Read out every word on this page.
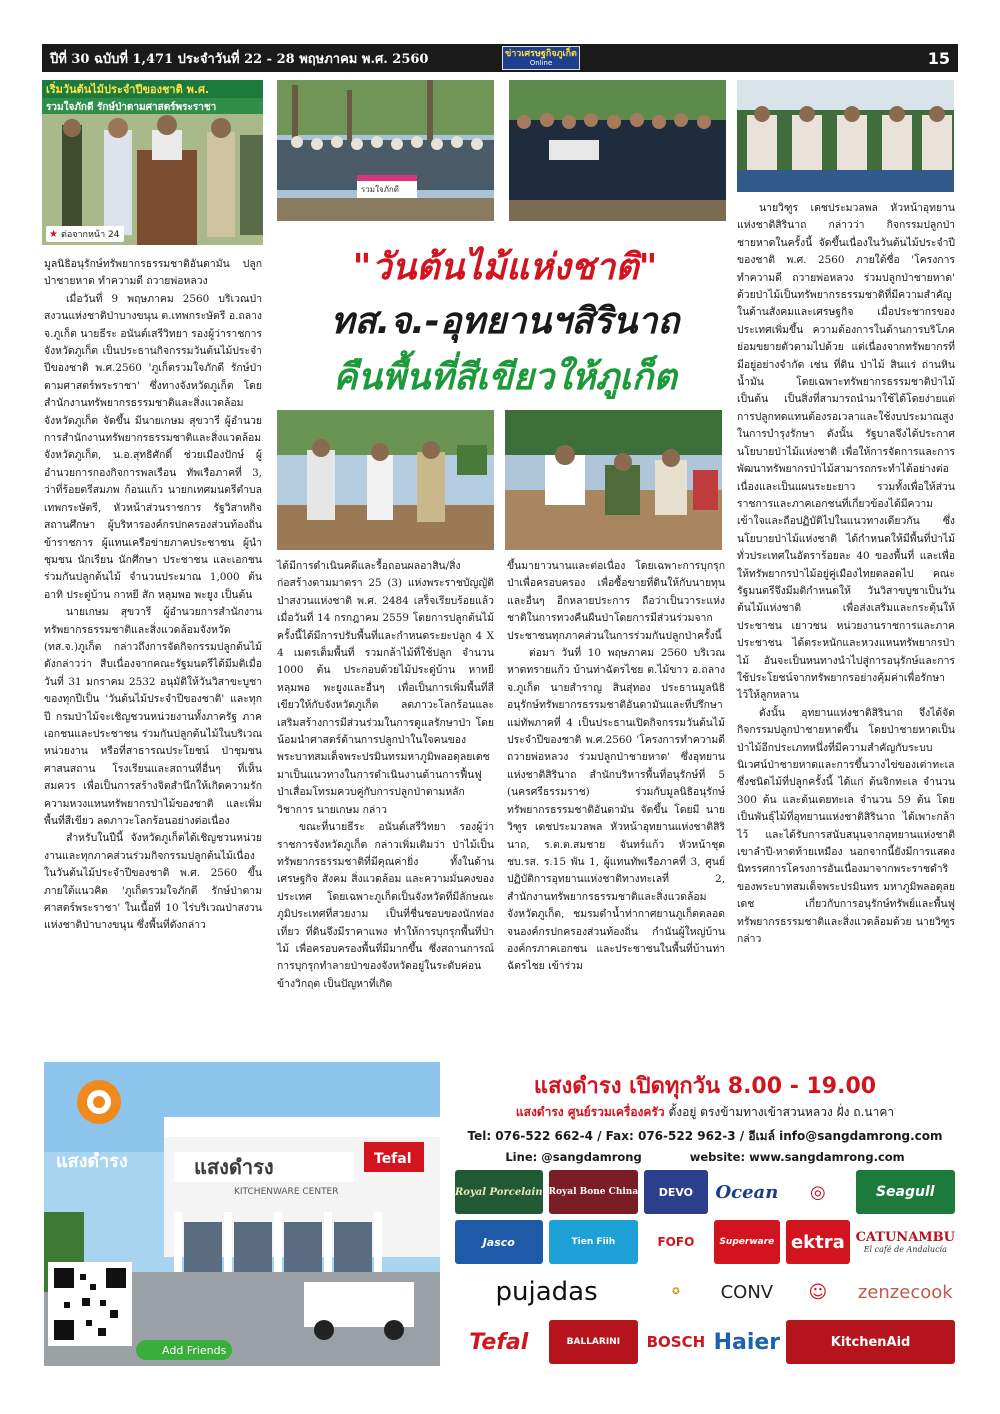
ปีที่ 30 ฉบับที่ 1,471 ประจำวันที่ 22 - 28 พฤษภาคม พ.ศ. 2560	ข่าวเศรษฐกิจภูเก็ต
Online	15
เริ่มวันต้นไม้ประจำปีของชาติ พ.ศ.
รวมใจภักดี รักษ์ป่าตามศาสตร์พระราชา
★ ต่อจากหน้า 24
รวมใจภักดี
"วันต้นไม้แห่งชาติ"
ทส.จ.-อุทยานฯสิรินาถ
คืนพื้นที่สีเขียวให้ภูเก็ต

มูลนิธิอนุรักษ์ทรัพยากรธรรมชาติอันดามัน ปลูกป่าชายหาด ทำความดี ถวายพ่อหลวง

เมื่อวันที่ 9 พฤษภาคม 2560 บริเวณป่าสงวนแห่งชาติป่าบางขนุน ต.เทพกระษัตรี อ.ถลาง จ.ภูเก็ต นายธีระ อนันต์เสรีวิทยา รองผู้ว่าราชการจังหวัดภูเก็ต เป็นประธานกิจกรรมวันต้นไม้ประจำปีของชาติ พ.ศ.2560 'ภูเก็ตรวมใจภักดี รักษ์ป่าตามศาสตร์พระราชา' ซึ่งทางจังหวัดภูเก็ต โดยสำนักงานทรัพยากรธรรมชาติและสิ่งแวดล้อมจังหวัดภูเก็ต จัดขึ้น มีนายเกษม สุขวารี ผู้อำนวยการสำนักงานทรัพยากรธรรมชาติและสิ่งแวดล้อมจังหวัดภูเก็ต, น.อ.สุทธิศักดิ์ ช่วยเมืองปักษ์ ผู้อำนวยการกองกิจการพลเรือน ทัพเรือภาคที่ 3, ว่าที่ร้อยตรีสมภพ ก้อนแก้ว นายกเทศมนตรีตำบลเทพกระษัตรี, หัวหน้าส่วนราชการ รัฐวิสาหกิจ สถานศึกษา ผู้บริหารองค์กรปกครองส่วนท้องถิ่น ข้าราชการ ผู้แทนเครือข่ายภาคประชาชน ผู้นำชุมชน นักเรียน นักศึกษา ประชาชน และเอกชน ร่วมกันปลูกต้นไม้ จำนวนประมาณ 1,000 ต้น อาทิ ประดู่บ้าน กาหยี สัก หลุมพอ พะยูง เป็นต้น

นายเกษม สุขวารี ผู้อำนวยการสำนักงานทรัพยากรธรรมชาติและสิ่งแวดล้อมจังหวัด (ทส.จ.)ภูเก็ต กล่าวถึงการจัดกิจกรรมปลูกต้นไม้ดังกล่าวว่า สืบเนื่องจากคณะรัฐมนตรีได้มีมติเมื่อวันที่ 31 มกราคม 2532 อนุมัติให้วันวิสาขะบูชาของทุกปีเป็น 'วันต้นไม้ประจำปีของชาติ' และทุกปี กรมป่าไม้จะเชิญชวนหน่วยงานทั้งภาครัฐ ภาคเอกชนและประชาชน ร่วมกันปลูกต้นไม้ในบริเวณหน่วยงาน หรือที่สาธารณประโยชน์ ป่าชุมชน ศาสนสถาน โรงเรียนและสถานที่อื่นๆ ที่เห็นสมควร เพื่อเป็นการสร้างจิตสำนึกให้เกิดความรักความหวงแหนทรัพยากรป่าไม้ของชาติ และเพิ่มพื้นที่สีเขียว ลดภาวะโลกร้อนอย่างต่อเนื่อง

สำหรับในปีนี้ จังหวัดภูเก็ตได้เชิญชวนหน่วยงานและทุกภาคส่วนร่วมกิจกรรมปลูกต้นไม้เนื่องในวันต้นไม้ประจำปีของชาติ พ.ศ. 2560 ขึ้น ภายใต้แนวคิด 'ภูเก็ตรวมใจภักดี รักษ์ป่าตามศาสตร์พระราชา' ในเนื้อที่ 10 ไร่บริเวณป่าสงวนแห่งชาติป่าบางขนุน ซึ่งพื้นที่ดังกล่าว

ได้มีการดำเนินคดีและรื้อถอนผลอาสิน/สิ่งก่อสร้างตามมาตรา 25 (3) แห่งพระราชบัญญัติป่าสงวนแห่งชาติ พ.ศ. 2484 เสร็จเรียบร้อยแล้วเมื่อวันที่ 14 กรกฎาคม 2559 โดยการปลูกต้นไม้ครั้งนี้ได้มีการปรับพื้นที่และกำหนดระยะปลูก 4 X 4 เมตรเต็มพื้นที่ รวมกล้าไม้ที่ใช้ปลูก จำนวน 1000 ต้น ประกอบด้วยไม้ประดู่บ้าน หาหยี หลุมพอ พะยูงและอื่นๆ เพื่อเป็นการเพิ่มพื้นที่สีเขียวให้กับจังหวัดภูเก็ต ลดภาวะโลกร้อนและเสริมสร้างการมีส่วนร่วมในการดูแลรักษาป่า โดยน้อมนำศาสตร์ด้านการปลูกป่าในใจคนของพระบาทสมเด็จพระปรมินทรมหาภูมิพลอดุลยเดชมาเป็นแนวทางในการดำเนินงานด้านการฟื้นฟูป่าเสื่อมโทรมควบคู่กับการปลูกป่าตามหลักวิชาการ นายเกษม กล่าว

ขณะที่นายธีระ อนันต์เสรีวิทยา รองผู้ว่าราชการจังหวัดภูเก็ต กล่าวเพิ่มเติมว่า ป่าไม้เป็นทรัพยากรธรรมชาติที่มีคุณค่ายิ่ง ทั้งในด้านเศรษฐกิจ สังคม สิ่งแวดล้อม และความมั่นคงของประเทศ โดยเฉพาะภูเก็ตเป็นจังหวัดที่มีลักษณะภูมิประเทศที่สวยงาม เป็นที่ชื่นชอบของนักท่องเที่ยว ที่ดินจึงมีราคาแพง ทำให้การบุกรุกพื้นที่ป่าไม้ เพื่อครอบครองพื้นที่มีมากขึ้น ซึ่งสถานการณ์การบุกรุกทำลายป่าของจังหวัดอยู่ในระดับค่อนข้างวิกฤต เป็นปัญหาที่เกิด

ขึ้นมายาวนานและต่อเนื่อง โดยเฉพาะการบุกรุกป่าเพื่อครอบครอง เพื่อซื้อขายที่ดินให้กับนายทุน และอื่นๆ อีกหลายประการ ถือว่าเป็นวาระแห่งชาติในการทวงคืนผืนป่าโดยการมีส่วนร่วมจากประชาชนทุกภาคส่วนในการร่วมกันปลูกป่าครั้งนี้

ต่อมา วันที่ 10 พฤษภาคม 2560 บริเวณหาดทรายแก้ว บ้านท่าฉัตรไชย ต.ไม้ขาว อ.ถลาง จ.ภูเก็ต นายสำราญ สินสุ่ทอง ประธานมูลนิธิอนุรักษ์ทรัพยากรธรรมชาติอันดามันและที่ปรึกษาแม่ทัพภาคที่ 4 เป็นประธานเปิดกิจกรรมวันต้นไม้ประจำปีของชาติ พ.ศ.2560 'โครงการทำความดี ถวายพ่อหลวง ร่วมปลูกป่าชายหาด' ซึ่งอุทยานแห่งชาติสิรินาถ สำนักบริหารพื้นที่อนุรักษ์ที่ 5 (นครศรีธรรมราช) ร่วมกับมูลนิธิอนุรักษ์ทรัพยากรธรรมชาติอันดามัน จัดขึ้น โดยมี นายวิฑูร เดชประมวลพล หัวหน้าอุทยานแห่งชาติสิรินาถ, ร.ต.ต.สมชาย จันทร์แก้ว หัวหน้าชุด ชบ.รส. ร.15 พัน 1, ผู้แทนทัพเรือภาคที่ 3, ศูนย์ปฏิบัติการอุทยานแห่งชาติทางทะเลที่ 2, สำนักงานทรัพยากรธรรมชาติและสิ่งแวดล้อมจังหวัดภูเก็ต, ชมรมดำน้ำท่ากาศยานภูเก็ตตลอดจนองค์กรปกครองส่วนท้องถิ่น กำนันผู้ใหญ่บ้านองค์กรภาคเอกชน และประชาชนในพื้นที่บ้านท่าฉัตรไชย เข้าร่วม

นายวิฑูร เดชประมวลพล หัวหน้าอุทยานแห่งชาติสิรินาถ กล่าวว่า กิจกรรมปลูกป่าชายหาดในครั้งนี้ จัดขึ้นเนื่องในวันต้นไม้ประจำปีของชาติ พ.ศ. 2560 ภายใต้ชื่อ 'โครงการทำความดี ถวายพ่อหลวง ร่วมปลูกป่าชายหาด' ด้วยป่าไม้เป็นทรัพยากรธรรมชาติที่มีความสำคัญในด้านสังคมและเศรษฐกิจ เมื่อประชากรของประเทศเพิ่มขึ้น ความต้องการในด้านการบริโภคย่อมขยายตัวตามไปด้วย แต่เนื่องจากทรัพยากรที่มีอยู่อย่างจำกัด เช่น ที่ดิน ป่าไม้ สินแร่ ถ่านหิน น้ำมัน โดยเฉพาะทรัพยากรธรรมชาติป่าไม้ เป็นต้น เป็นสิ่งที่สามารถนำมาใช้ได้โดยง่ายแต่การปลูกทดแทนต้องรอเวลาและใช้งบประมาณสูงในการบำรุงรักษา ดังนั้น รัฐบาลจึงได้ประกาศนโยบายป่าไม้แห่งชาติ เพื่อให้การจัดการและการพัฒนาทรัพยากรป่าไม้สามารถกระทำได้อย่างต่อเนื่องและเป็นแผนระยะยาว รวมทั้งเพื่อให้ส่วนราชการและภาคเอกชนที่เกี่ยวข้องได้มีความเข้าใจและถือปฏิบัติไปในแนวทางเดียวกัน ซึ่งนโยบายป่าไม้แห่งชาติ ได้กำหนดให้มีพื้นที่ป่าไม้ทั่วประเทศในอัตราร้อยละ 40 ของพื้นที่ และเพื่อให้ทรัพยากรป่าไม้อยู่คู่เมืองไทยตลอดไป คณะรัฐมนตรีจึงมีมติกำหนดให้ วันวิสาขบูชาเป็นวันต้นไม้แห่งชาติ เพื่อส่งเสริมและกระตุ้นให้ประชาชน เยาวชน หน่วยงานราชการและภาคประชาชน ได้ตระหนักและหวงแหนทรัพยากรป่าไม้ อันจะเป็นหนทางนำไปสู่การอนุรักษ์และการใช้ประโยชน์จากทรัพยากรอย่างคุ้มค่าเพื่อรักษาไว้ให้ลูกหลาน

ดังนั้น อุทยานแห่งชาติสิรินาถ จึงได้จัดกิจกรรมปลูกป่าชายหาดขึ้น โดยป่าชายหาดเป็นป่าไม้อีกประเภทหนึ่งที่มีความสำคัญกับระบบนิเวศน์ป่าชายหาดและการขึ้นวางไข่ของเต่าทะเล ซึ่งชนิดไม้ที่ปลูกครั้งนี้ ได้แก่ ต้นจิกทะเล จำนวน 300 ต้น และต้นเตยทะเล จำนวน 59 ต้น โดยเป็นพันธุ์ไม้ที่อุทยานแห่งชาติสิรินาถ ได้เพาะกล้าไว้ และได้รับการสนับสนุนจากอุทยานแห่งชาติเขาลำปี-หาดท้ายเหมือง นอกจากนี้ยังมีการแสดงนิทรรศการโครงการอันเนื่องมาจากพระราชดำริของพระบาทสมเด็จพระปรมินทร มหาภูมิพลอดุลยเดช เกี่ยวกับการอนุรักษ์ทรัพย์และพื้นฟูทรัพยากรธรรมชาติและสิ่งแวดล้อมด้วย นายวิฑูร กล่าว

แสงดำรง	แสงดำรง
KITCHENWARE CENTER
Tefal
Add Friends
แสงดำรง เปิดทุกวัน 8.00 - 19.00
แสงดำรง ศูนย์รวมเครื่องครัว ตั้งอยู่ ตรงข้ามทางเข้าสวนหลวง ฝั่ง ถ.นาคา
Tel: 076-522 662-4 / Fax: 076-522 962-3 / อีเมล์ info@sangdamrong.com
Line: @sangdamrong	website: www.sangdamrong.com
Royal Porcelain Royal Bone China	DEVO	Ocean	◎	Seagull
Jasco	Tien Fiih	FOFO	Superware ektra CATUNAMBU
El café de Andalucía
pujadas	✪	CONV	☺	zenzecook
Tefal	BALLARINI	BOSCH Haier	KitchenAid
